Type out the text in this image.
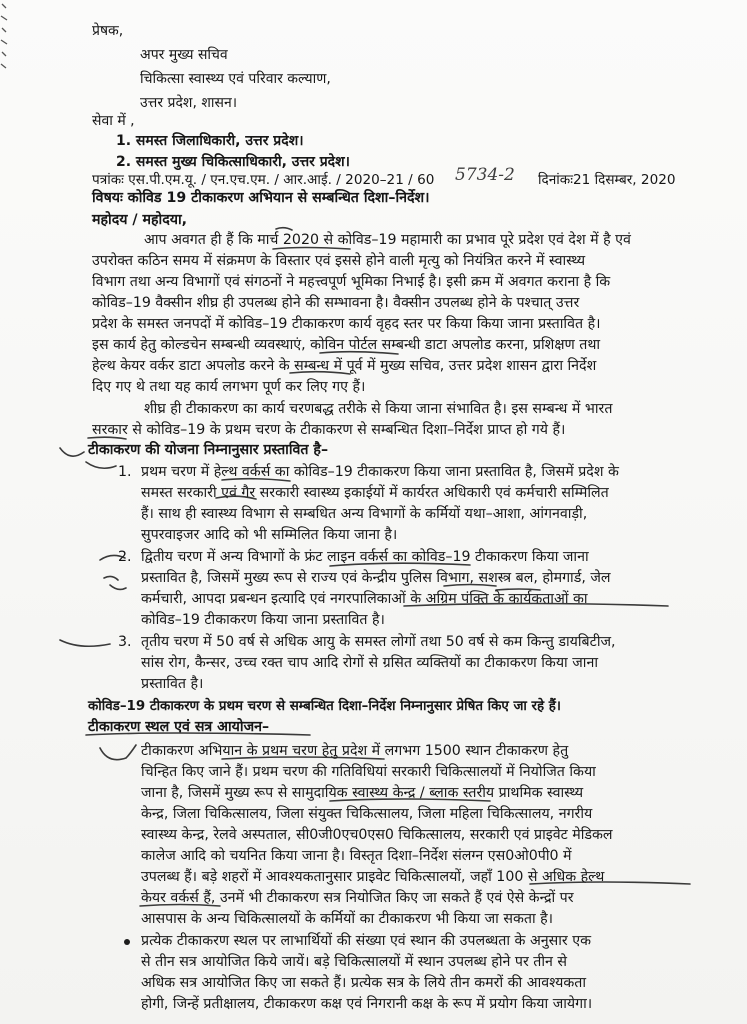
प्रेषक,
अपर मुख्य सचिव
चिकित्सा स्वास्थ्य एवं परिवार कल्याण,
उत्तर प्रदेश, शासन।
सेवा में ,
1. समस्त जिलाधिकारी, उत्तर प्रदेश।
2. समस्त मुख्य चिकित्साधिकारी, उत्तर प्रदेश।
पत्रांकः एस.पी.एम.यू. / एन.एच.एम. / आर.आई. / 2020–21 / 60 5734-2 दिनांकः21 दिसम्बर, 2020
विषयः कोविड 19 टीकाकरण अभियान से सम्बन्धित दिशा–निर्देश।
महोदय / महोदया,
आप अवगत ही हैं कि मार्च 2020 से कोविड–19 महामारी का प्रभाव पूरे प्रदेश एवं देश में है एवं
उपरोक्त कठिन समय में संक्रमण के विस्तार एवं इससे होने वाली मृत्यु को नियंत्रित करने में स्वास्थ्य
विभाग तथा अन्य विभागों एवं संगठनों ने महत्त्वपूर्ण भूमिका निभाई है। इसी क्रम में अवगत कराना है कि
कोविड–19 वैक्सीन शीघ्र ही उपलब्ध होने की सम्भावना है। वैक्सीन उपलब्ध होने के पश्चात् उत्तर
प्रदेश के समस्त जनपदों में कोविड–19 टीकाकरण कार्य वृहद स्तर पर किया किया जाना प्रस्तावित है।
इस कार्य हेतु कोल्डचेन सम्बन्धी व्यवस्थाएं, कोविन पोर्टल सम्बन्धी डाटा अपलोड करना, प्रशिक्षण तथा
हेल्थ केयर वर्कर डाटा अपलोड करने के सम्बन्ध में पूर्व में मुख्य सचिव, उत्तर प्रदेश शासन द्वारा निर्देश
दिए गए थे तथा यह कार्य लगभग पूर्ण कर लिए गए हैं।
शीघ्र ही टीकाकरण का कार्य चरणबद्ध तरीके से किया जाना संभावित है। इस सम्बन्ध में भारत
सरकार से कोविड–19 के प्रथम चरण के टीकाकरण से सम्बन्धित दिशा–निर्देश प्राप्त हो गये हैं।
टीकाकरण की योजना निम्नानुसार प्रस्तावित है–
1. प्रथम चरण में हेल्थ वर्कर्स का कोविड–19 टीकाकरण किया जाना प्रस्तावित है, जिसमें प्रदेश के
समस्त सरकारी एवं गैर सरकारी स्वास्थ्य इकाईयों में कार्यरत अधिकारी एवं कर्मचारी सम्मिलित
हैं। साथ ही स्वास्थ्य विभाग से सम्बधित अन्य विभागों के कर्मियों यथा–आशा, आंगनवाड़ी,
सुपरवाइजर आदि को भी सम्मिलित किया जाना है।
2. द्वितीय चरण में अन्य विभागों के फ्रंट लाइन वर्कर्स का कोविड–19 टीकाकरण किया जाना
प्रस्तावित है, जिसमें मुख्य रूप से राज्य एवं केन्द्रीय पुलिस विभाग, सशस्त्र बल, होमगार्ड, जेल
कर्मचारी, आपदा प्रबन्धन इत्यादि एवं नगरपालिकाओं के अग्रिम पंक्ति के कार्यकताओं का
कोविड–19 टीकाकरण किया जाना प्रस्तावित है।
3. तृतीय चरण में 50 वर्ष से अधिक आयु के समस्त लोगों तथा 50 वर्ष से कम किन्तु डायबिटीज,
सांस रोग, कैन्सर, उच्च रक्त चाप आदि रोगों से ग्रसित व्यक्तियों का टीकाकरण किया जाना
प्रस्तावित है।
कोविड–19 टीकाकरण के प्रथम चरण से सम्बन्धित दिशा–निर्देश निम्नानुसार प्रेषित किए जा रहे हैं।
टीकाकरण स्थल एवं सत्र आयोजन–
टीकाकरण अभियान के प्रथम चरण हेतु प्रदेश में लगभग 1500 स्थान टीकाकरण हेतु
चिन्हित किए जाने हैं। प्रथम चरण की गतिविधियां सरकारी चिकित्सालयों में नियोजित किया
जाना है, जिसमें मुख्य रूप से सामुदायिक स्वास्थ्य केन्द्र / ब्लाक स्तरीय प्राथमिक स्वास्थ्य
केन्द्र, जिला चिकित्सालय, जिला संयुक्त चिकित्सालय, जिला महिला चिकित्सालय, नगरीय
स्वास्थ्य केन्द्र, रेलवे अस्पताल, सी0जी0एच0एस0 चिकित्सालय, सरकारी एवं प्राइवेट मेडिकल
कालेज आदि को चयनित किया जाना है। विस्तृत दिशा–निर्देश संलग्न एस0ओ0पी0 में
उपलब्ध हैं। बड़े शहरों में आवश्यकतानुसार प्राइवेट चिकित्सालयों, जहाँ 100 से अधिक हेल्थ
केयर वर्कर्स हैं, उनमें भी टीकाकरण सत्र नियोजित किए जा सकते हैं एवं ऐसे केन्द्रों पर
आसपास के अन्य चिकित्सालयों के कर्मियों का टीकाकरण भी किया जा सकता है।
प्रत्येक टीकाकरण स्थल पर लाभार्थियों की संख्या एवं स्थान की उपलब्धता के अनुसार एक
से तीन सत्र आयोजित किये जायें। बड़े चिकित्सालयों में स्थान उपलब्ध होने पर तीन से
अधिक सत्र आयोजित किए जा सकते हैं। प्रत्येक सत्र के लिये तीन कमरों की आवश्यकता
होगी, जिन्हें प्रतीक्षालय, टीकाकरण कक्ष एवं निगरानी कक्ष के रूप में प्रयोग किया जायेगा।
